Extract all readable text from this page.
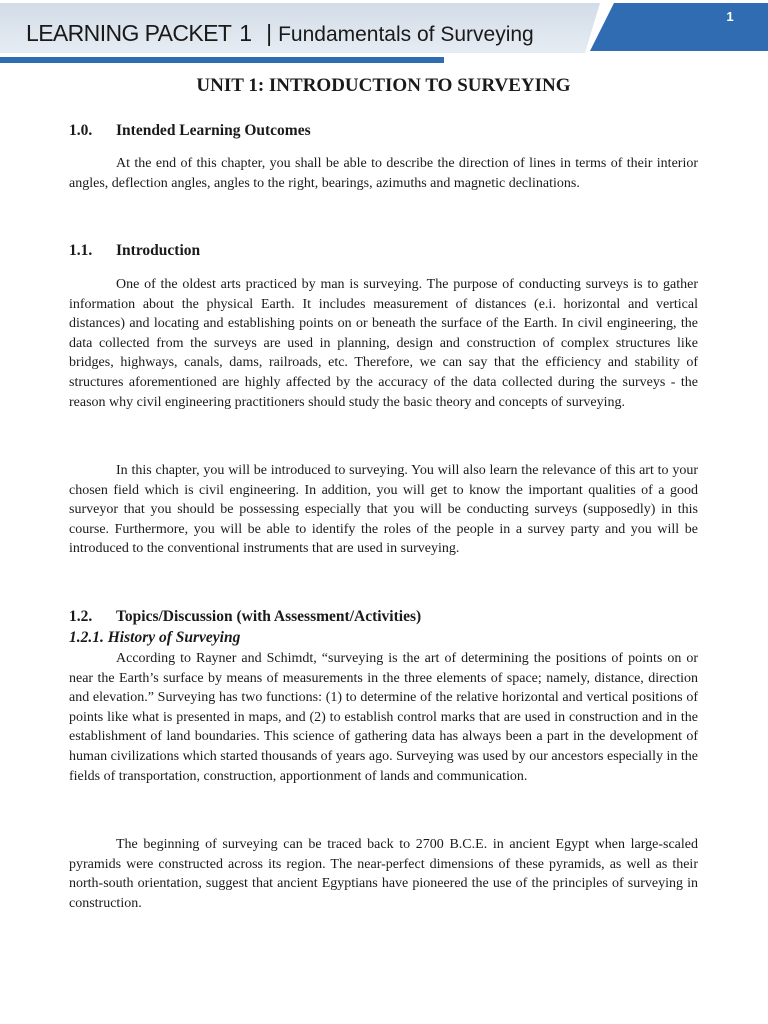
1
LEARNING PACKET 1 | Fundamentals of Surveying
UNIT 1: INTRODUCTION TO SURVEYING
1.0. Intended Learning Outcomes

At the end of this chapter, you shall be able to describe the direction of lines in terms of their interior angles, deflection angles, angles to the right, bearings, azimuths and magnetic declinations.

1.1. Introduction

One of the oldest arts practiced by man is surveying. The purpose of conducting surveys is to gather information about the physical Earth. It includes measurement of distances (e.i. horizontal and vertical distances) and locating and establishing points on or beneath the surface of the Earth. In civil engineering, the data collected from the surveys are used in planning, design and construction of complex structures like bridges, highways, canals, dams, railroads, etc. Therefore, we can say that the efficiency and stability of structures aforementioned are highly affected by the accuracy of the data collected during the surveys - the reason why civil engineering practitioners should study the basic theory and concepts of surveying.

In this chapter, you will be introduced to surveying. You will also learn the relevance of this art to your chosen field which is civil engineering. In addition, you will get to know the important qualities of a good surveyor that you should be possessing especially that you will be conducting surveys (supposedly) in this course. Furthermore, you will be able to identify the roles of the people in a survey party and you will be introduced to the conventional instruments that are used in surveying.

1.2. Topics/Discussion (with Assessment/Activities)
1.2.1. History of Surveying

According to Rayner and Schimdt, “surveying is the art of determining the positions of points on or near the Earth’s surface by means of measurements in the three elements of space; namely, distance, direction and elevation.” Surveying has two functions: (1) to determine of the relative horizontal and vertical positions of points like what is presented in maps, and (2) to establish control marks that are used in construction and in the establishment of land boundaries. This science of gathering data has always been a part in the development of human civilizations which started thousands of years ago. Surveying was used by our ancestors especially in the fields of transportation, construction, apportionment of lands and communication.

The beginning of surveying can be traced back to 2700 B.C.E. in ancient Egypt when large-scaled pyramids were constructed across its region. The near-perfect dimensions of these pyramids, as well as their north-south orientation, suggest that ancient Egyptians have pioneered the use of the principles of surveying in construction.
